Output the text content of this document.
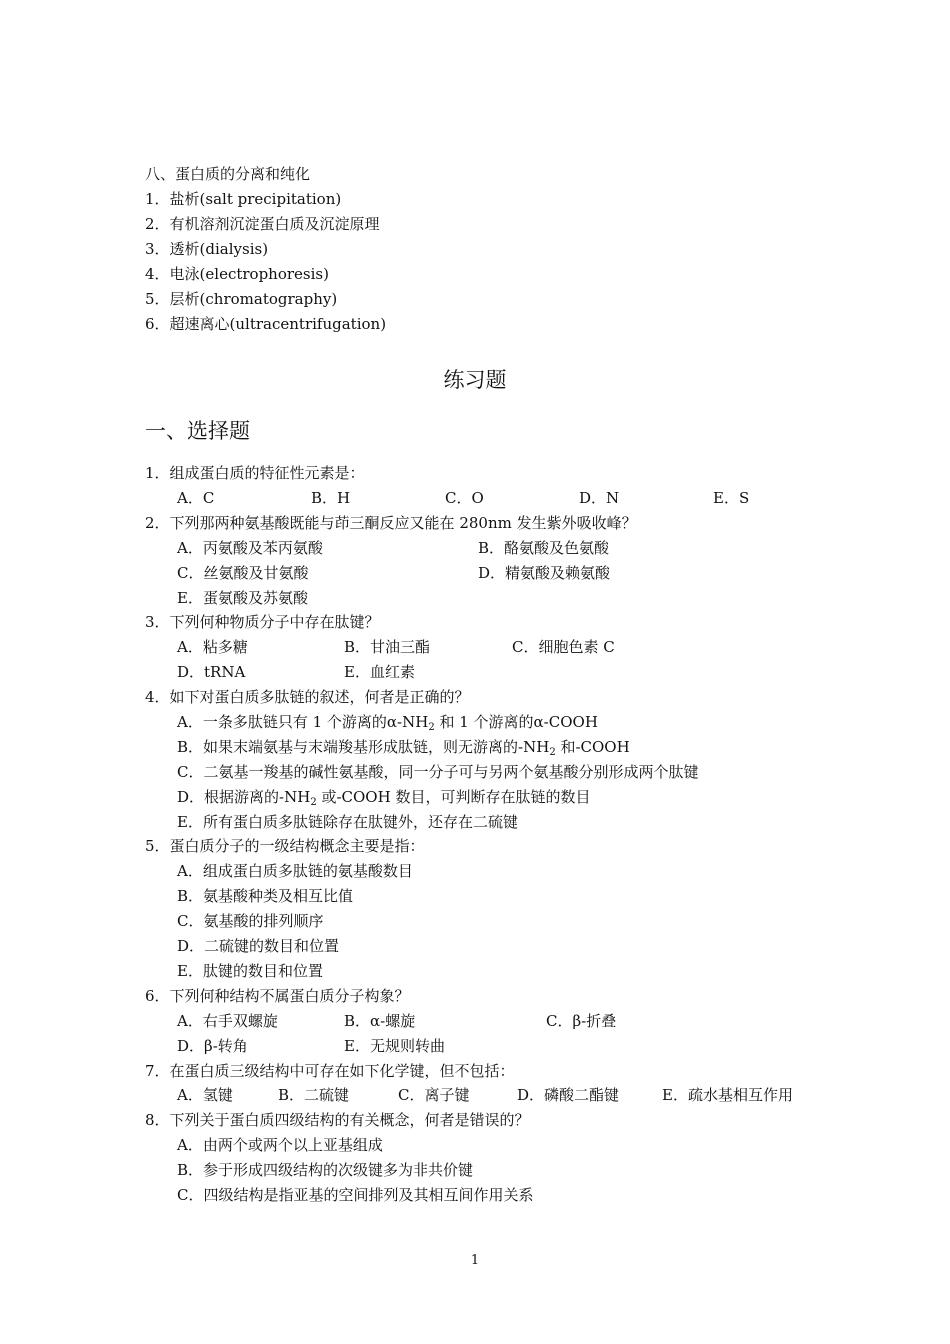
八、蛋白质的分离和纯化
1．盐析(salt precipitation)
2．有机溶剂沉淀蛋白质及沉淀原理
3．透析(dialysis)
4．电泳(electrophoresis)
5．层析(chromatography)
6．超速离心(ultracentrifugation)
练习题
一、选择题
1．组成蛋白质的特征性元素是：
A．C	B．H	C．O	D．N	E．S
2．下列那两种氨基酸既能与茚三酮反应又能在 280nm 发生紫外吸收峰？
A．丙氨酸及苯丙氨酸	B．酪氨酸及色氨酸
C．丝氨酸及甘氨酸	D．精氨酸及赖氨酸
E．蛋氨酸及苏氨酸
3．下列何种物质分子中存在肽键？
A．粘多糖	B．甘油三酯	C．细胞色素 C
D．tRNA	E．血红素
4．如下对蛋白质多肽链的叙述，何者是正确的？
A．一条多肽链只有 1 个游离的$\alpha-NH_2$ 和 1 个游离的α-COOH
B．如果末端氨基与末端羧基形成肽链，则无游离的$-NH_2$ 和-COOH
C．二氨基一羧基的碱性氨基酸，同一分子可与另两个氨基酸分别形成两个肽键
D．根据游离的$-NH_2$ 或-COOH 数目，可判断存在肽链的数目
E．所有蛋白质多肽链除存在肽键外，还存在二硫键
5．蛋白质分子的一级结构概念主要是指：
A．组成蛋白质多肽链的氨基酸数目
B．氨基酸种类及相互比值
C．氨基酸的排列顺序
D．二硫键的数目和位置
E．肽键的数目和位置
6．下列何种结构不属蛋白质分子构象？
A．右手双螺旋	B．α-螺旋	C．β-折叠
D．β-转角	E．无规则转曲
7．在蛋白质三级结构中可存在如下化学键，但不包括：
A．氢键	B．二硫键	C．离子键	D．磷酸二酯键	E．疏水基相互作用
8．下列关于蛋白质四级结构的有关概念，何者是错误的？
A．由两个或两个以上亚基组成
B．参于形成四级结构的次级键多为非共价键
C．四级结构是指亚基的空间排列及其相互间作用关系
1
